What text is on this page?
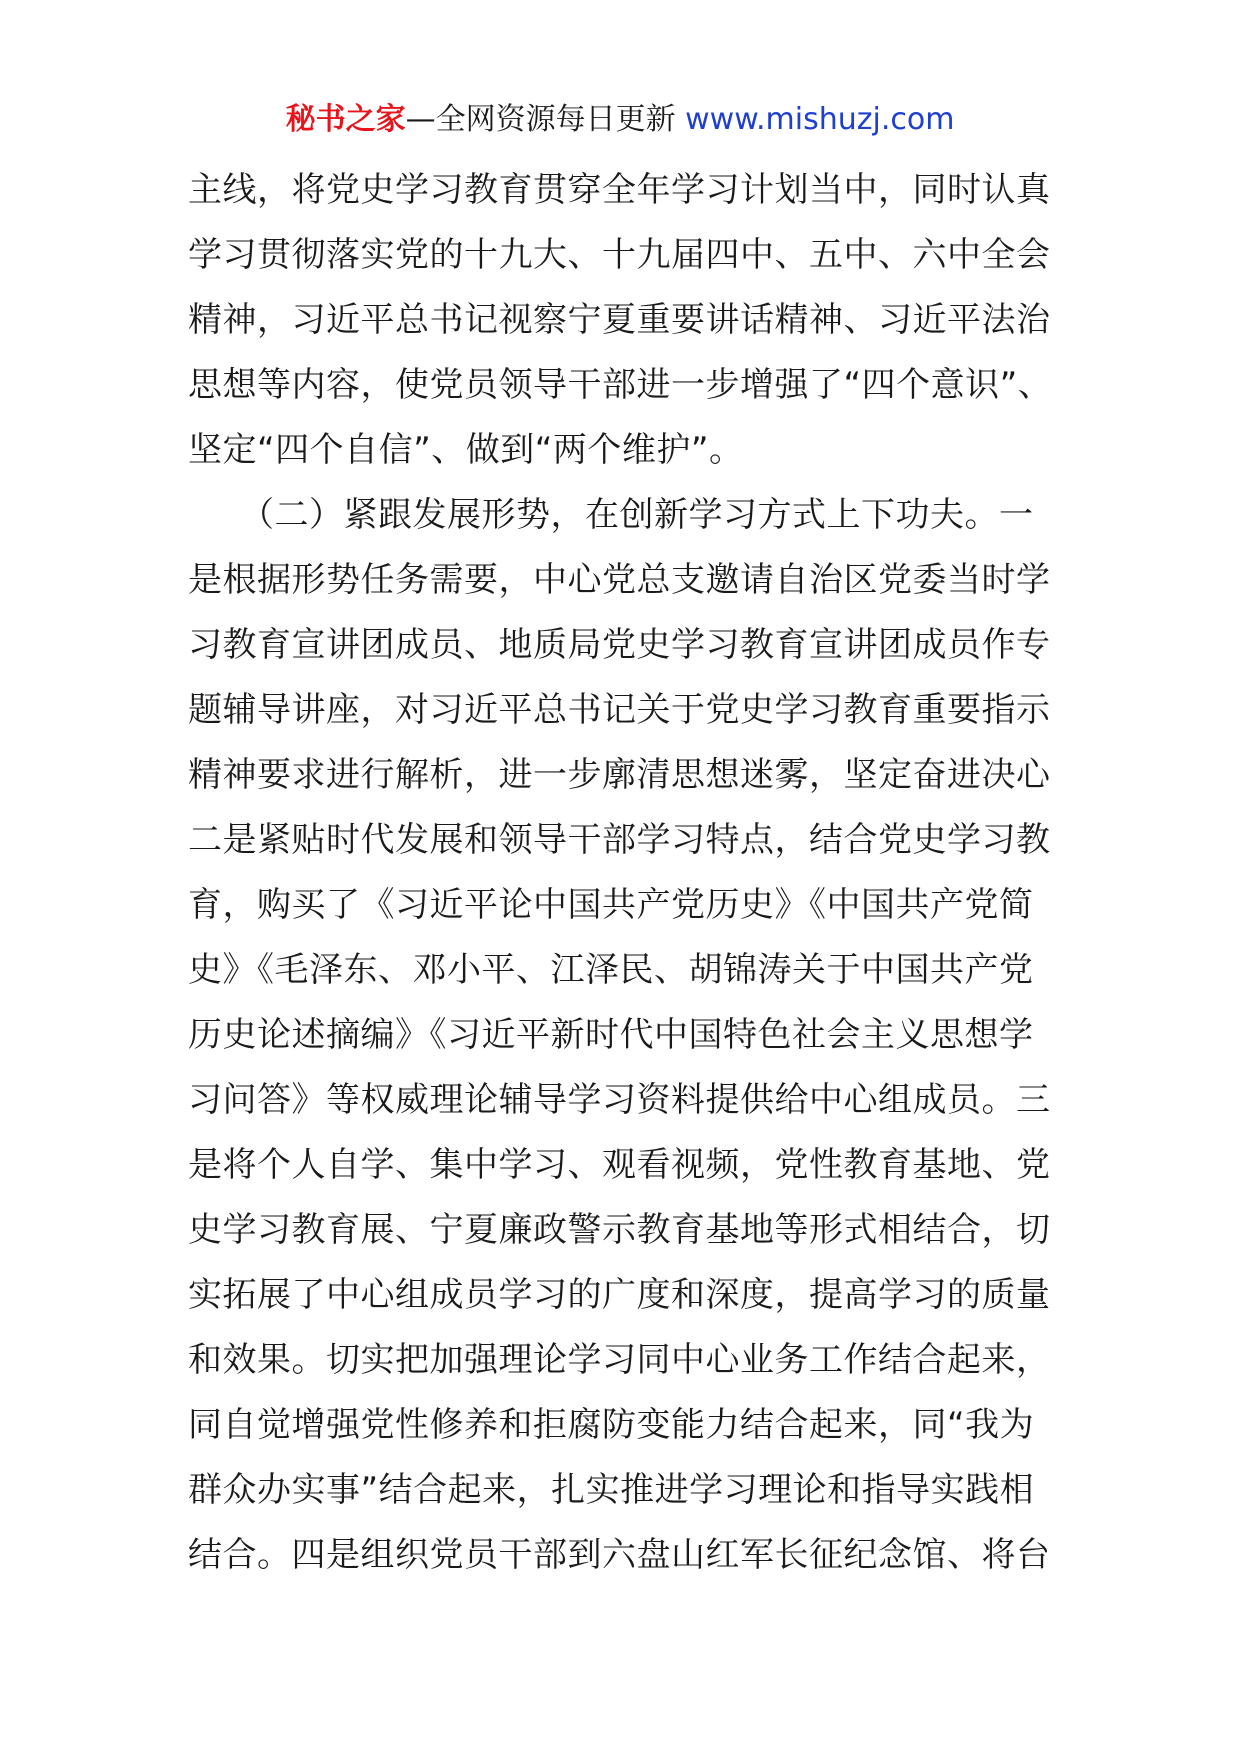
秘书之家—全网资源每日更新 www.mishuzj.com
主线，将党史学习教育贯穿全年学习计划当中，同时认真
学习贯彻落实党的十九大、十九届四中、五中、六中全会
精神，习近平总书记视察宁夏重要讲话精神、习近平法治
思想等内容，使党员领导干部进一步增强了“四个意识”、
坚定“四个自信”、做到“两个维护”。
　　（二）紧跟发展形势，在创新学习方式上下功夫。一
是根据形势任务需要，中心党总支邀请自治区党委当时学
习教育宣讲团成员、地质局党史学习教育宣讲团成员作专
题辅导讲座，对习近平总书记关于党史学习教育重要指示
精神要求进行解析，进一步廓清思想迷雾，坚定奋进决心
二是紧贴时代发展和领导干部学习特点，结合党史学习教
育，购买了《习近平论中国共产党历史》《中国共产党简
史》《毛泽东、邓小平、江泽民、胡锦涛关于中国共产党
历史论述摘编》《习近平新时代中国特色社会主义思想学
习问答》等权威理论辅导学习资料提供给中心组成员。三
是将个人自学、集中学习、观看视频，党性教育基地、党
史学习教育展、宁夏廉政警示教育基地等形式相结合，切
实拓展了中心组成员学习的广度和深度，提高学习的质量
和效果。切实把加强理论学习同中心业务工作结合起来，
同自觉增强党性修养和拒腐防变能力结合起来，同“我为
群众办实事”结合起来，扎实推进学习理论和指导实践相
结合。四是组织党员干部到六盘山红军长征纪念馆、将台
